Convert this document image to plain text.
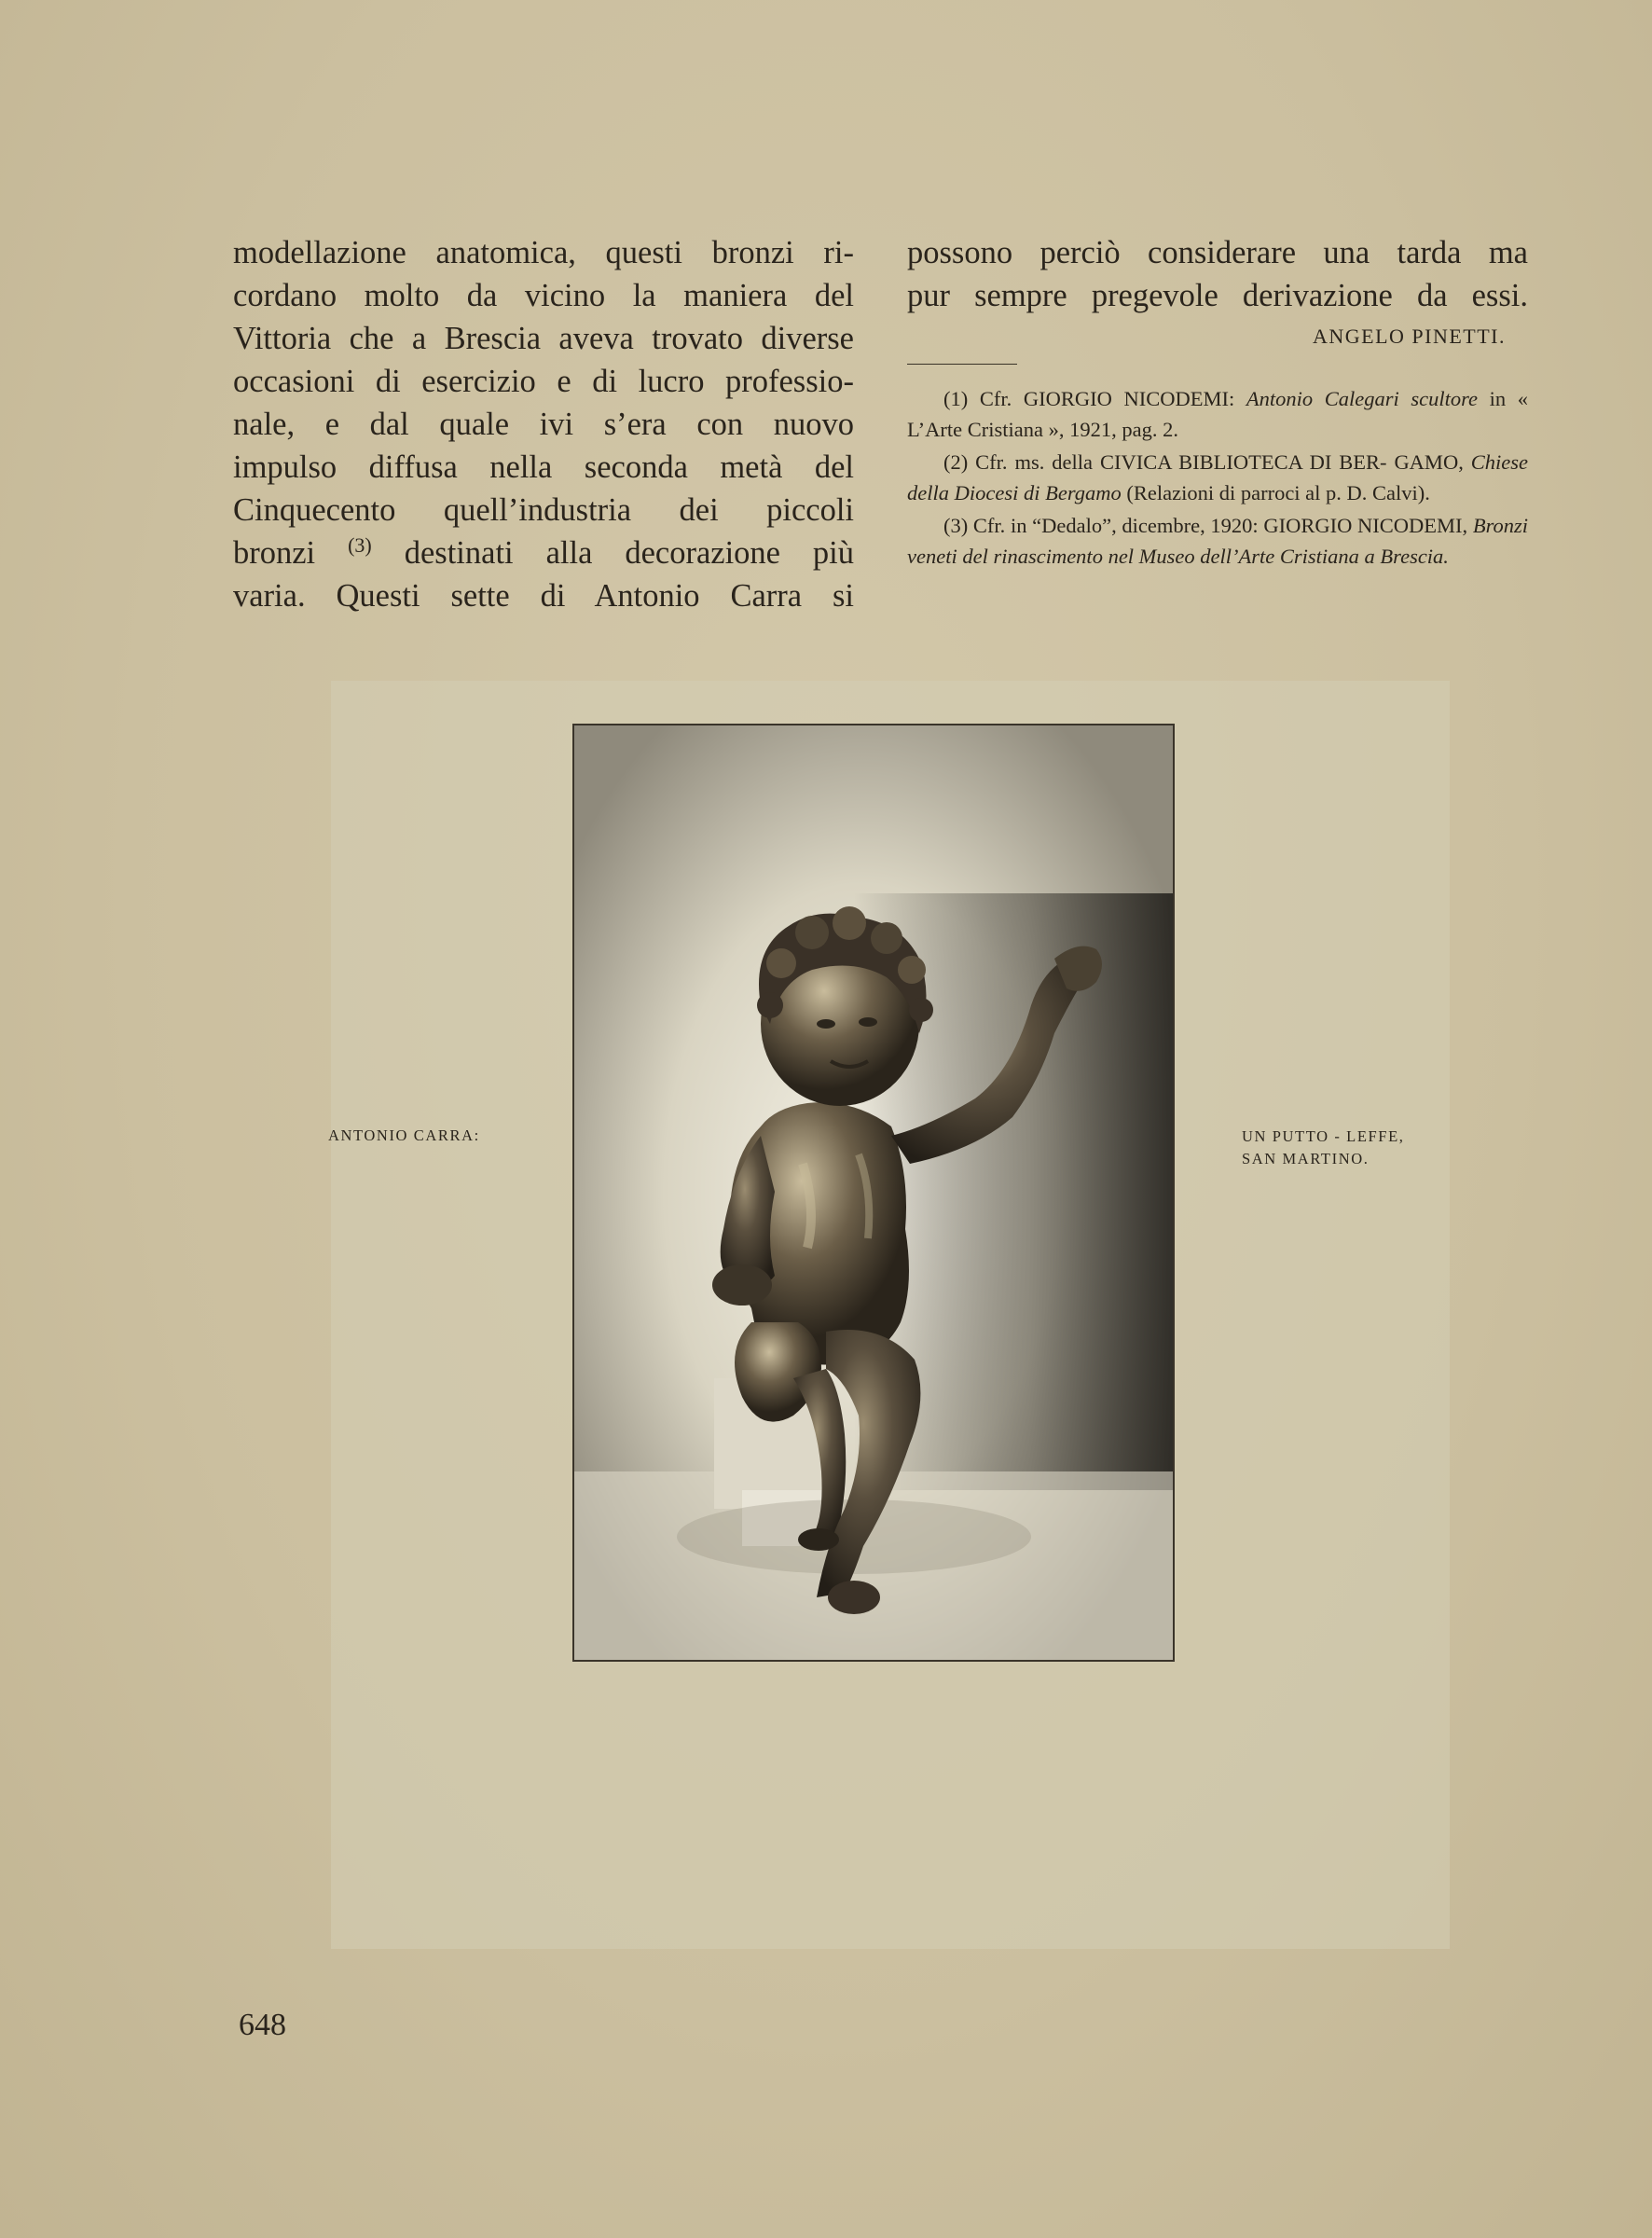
modellazione anatomica, questi bronzi ri-

cordano molto da vicino la maniera del

Vittoria che a Brescia aveva trovato diverse

occasioni di esercizio e di lucro professio-

nale, e dal quale ivi s’era con nuovo

impulso diffusa nella seconda metà del

Cinquecento quell’industria dei piccoli

bronzi $^{(3)}$ destinati alla decorazione più

varia. Questi sette di Antonio Carra si

possono perciò considerare una tarda ma

pur sempre pregevole derivazione da essi.

ANGELO PINETTI.

(1) Cfr. GIORGIO NICODEMI: Antonio Calegari scultore in « L’Arte Cristiana », 1921, pag. 2.

(2) Cfr. ms. della CIVICA BIBLIOTECA DI BER- GAMO, Chiese della Diocesi di Bergamo (Relazioni di parroci al p. D. Calvi).

(3) Cfr. in “Dedalo”, dicembre, 1920: GIORGIO NICODEMI, Bronzi veneti del rinascimento nel Museo dell’Arte Cristiana a Brescia.

ANTONIO CARRA:	UN PUTTO - LEFFE,
SAN MARTINO.
648
